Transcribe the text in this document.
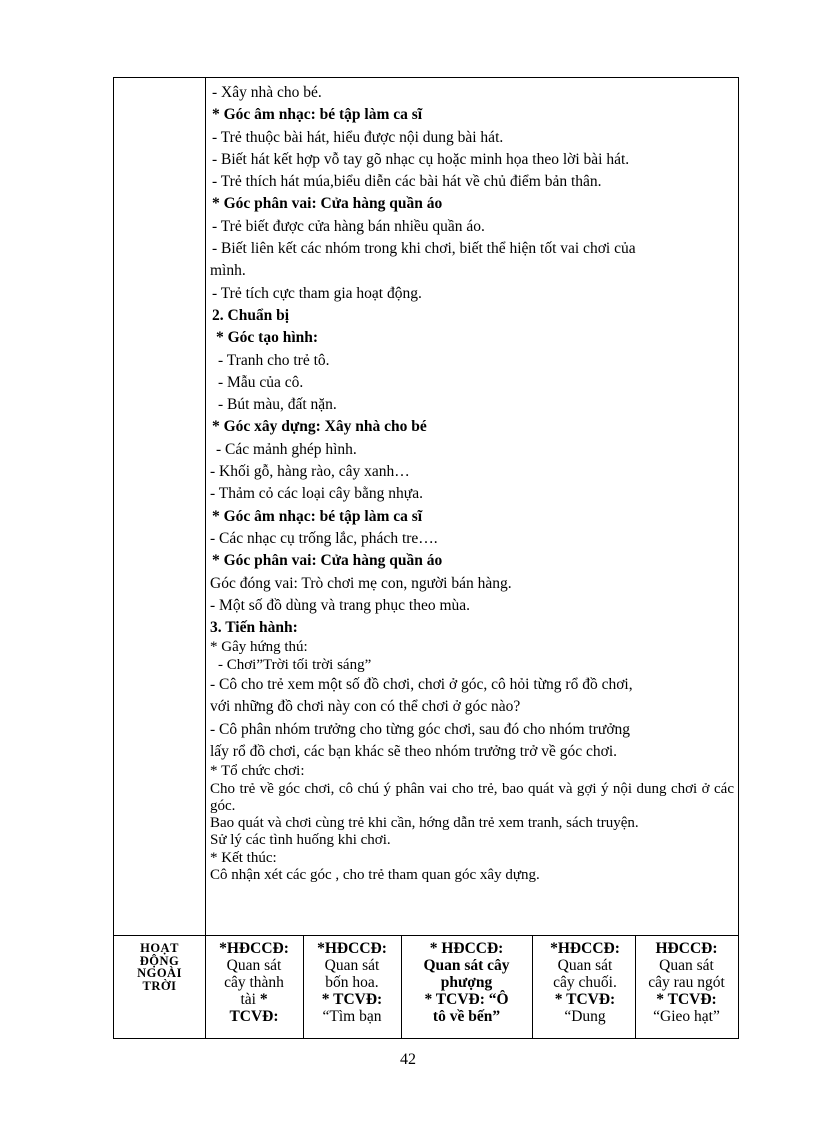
- Xây nhà cho bé.
* Góc âm nhạc: bé tập làm ca sĩ
- Trẻ thuộc bài hát, hiểu được nội dung bài hát.
- Biết hát kết hợp vỗ tay gõ nhạc cụ hoặc minh họa theo lời bài hát.
- Trẻ thích hát múa,biểu diễn các bài hát về chủ điểm bản thân.
* Góc phân vai: Cửa hàng quần áo
- Trẻ biết được cửa hàng bán nhiều quần áo.
- Biết liên kết các nhóm trong khi chơi, biết thể hiện tốt vai chơi của
mình.
- Trẻ tích cực tham gia hoạt động.
2. Chuẩn bị
* Góc tạo hình:
- Tranh cho trẻ tô.
- Mẫu của cô.
- Bút màu, đất nặn.
* Góc xây dựng: Xây nhà cho bé
- Các mảnh ghép hình.
- Khối gỗ, hàng rào, cây xanh…
- Thảm cỏ các loại cây bằng nhựa.
* Góc âm nhạc: bé tập làm ca sĩ
- Các nhạc cụ trống lắc, phách tre….
* Góc phân vai: Cửa hàng quần áo
Góc đóng vai: Trò chơi mẹ con, người bán hàng.
- Một số đồ dùng và trang phục theo mùa.
3. Tiến hành:
* Gây hứng thú:
- Chơi”Trời tối trời sáng”
- Cô cho trẻ xem một số đồ chơi, chơi ở góc, cô hỏi từng rổ đồ chơi,
với những đồ chơi này con có thể chơi ở góc nào?
- Cô phân nhóm trưởng cho từng góc chơi, sau đó cho nhóm trưởng
lấy rổ đồ chơi, các bạn khác sẽ theo nhóm trưởng trở về góc chơi.
* Tổ chức chơi:
Cho trẻ về góc chơi, cô chú ý phân vai cho trẻ, bao quát và gợi ý nội dung chơi ở các góc.
Bao quát và chơi cùng trẻ khi cần, hớng dẫn trẻ xem tranh, sách truyện.
Sử lý các tình huống khi chơi.
* Kết thúc:
Cô nhận xét các góc , cho trẻ tham quan góc xây dựng.
HOẠT
ĐỘNG
NGOÀI
TRỜI
*HĐCCĐ:
Quan sát
cây thành
tài *
TCVĐ:
*HĐCCĐ:
Quan sát
bốn hoa.
* TCVĐ:
“Tìm bạn
* HĐCCĐ:
Quan sát cây
phượng
* TCVĐ: “Ô
tô về bến”
*HĐCCĐ:
Quan sát
cây chuối.
* TCVĐ:
“Dung
HĐCCĐ:
Quan sát
cây rau ngót
* TCVĐ:
“Gieo hạt”
42
